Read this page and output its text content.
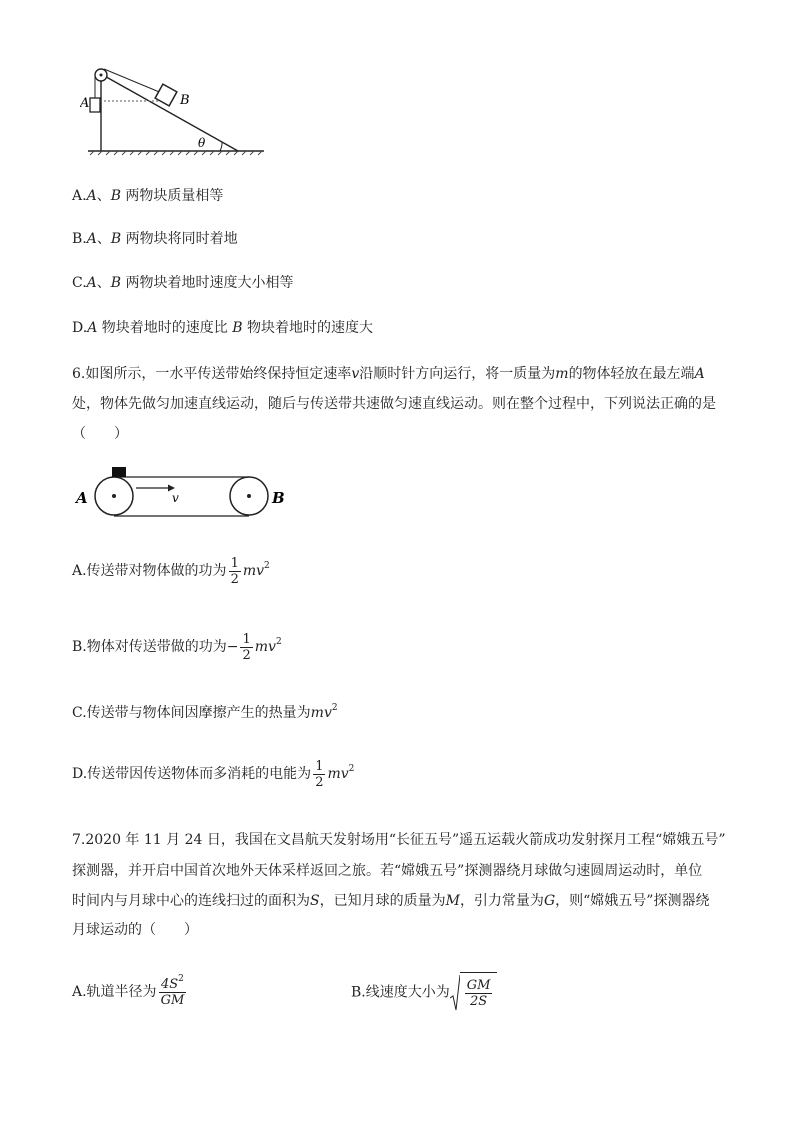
A	B
θ
A.A、B 两物块质量相等
B.A、B 两物块将同时着地
C.A、B 两物块着地时速度大小相等
D.A 物块着地时的速度比 B 物块着地时的速度大
6.如图所示，一水平传送带始终保持恒定速率v沿顺时针方向运行，将一质量为m的物体轻放在最左端A
处，物体先做匀加速直线运动，随后与传送带共速做匀速直线运动。则在整个过程中，下列说法正确的是
（　　）
v
A	B
A.传送带对物体做的功为 $\frac{1}{2} mv^2$
B.物体对传送带做的功为− $\frac{1}{2} mv^2$
C.传送带与物体间因摩擦产生的热量为$mv^2$
D.传送带因传送物体而多消耗的电能为 $\frac{1}{2} mv^2$
7.2020 年 11 月 24 日，我国在文昌航天发射场用“长征五号”遥五运载火箭成功发射探月工程“嫦娥五号”
探测器，并开启中国首次地外天体采样返回之旅。若“嫦娥五号”探测器绕月球做匀速圆周运动时，单位
时间内与月球中心的连线扫过的面积为S，已知月球的质量为M，引力常量为G，则“嫦娥五号”探测器绕
月球运动的（　　）
A.轨道半径为 $\frac{4S^2}{GM}$	B.线速度大小为 $\frac{GM}{2S}$
